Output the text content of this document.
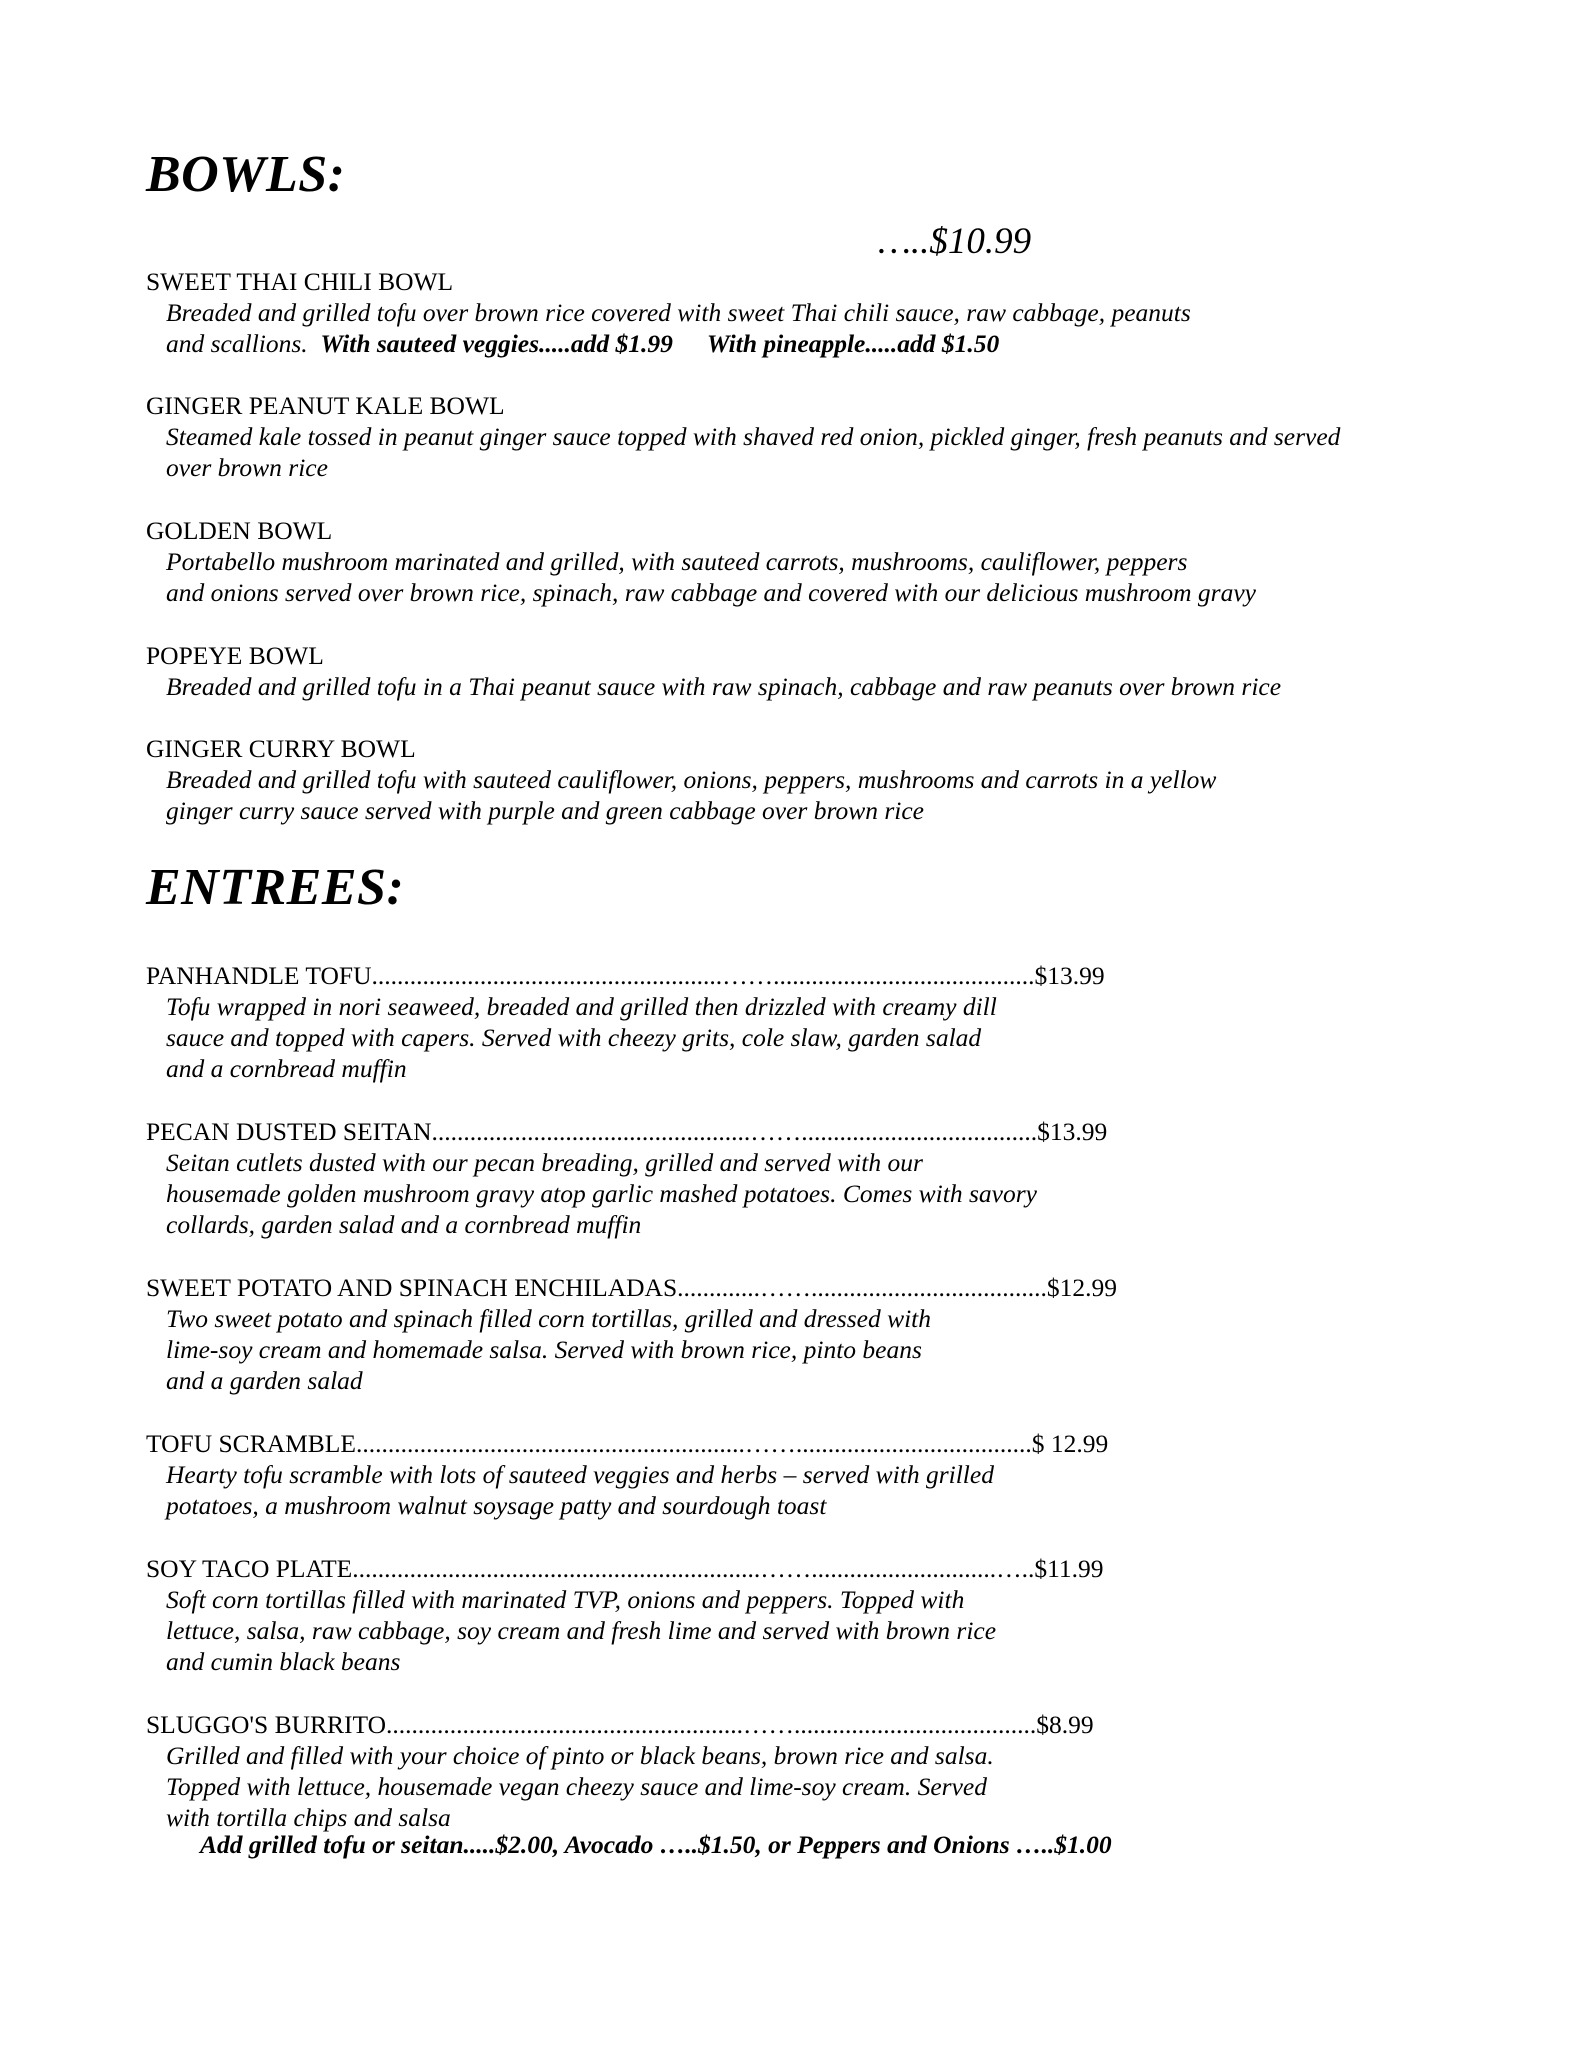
BOWLS:
…..$10.99
SWEET THAI CHILI BOWL
Breaded and grilled tofu over brown rice covered with sweet Thai chili sauce, raw cabbage, peanuts
and scallions. With sauteed veggies.....add $1.99 With pineapple.....add $1.50
GINGER PEANUT KALE BOWL
Steamed kale tossed in peanut ginger sauce topped with shaved red onion, pickled ginger, fresh peanuts and served
over brown rice
GOLDEN BOWL
Portabello mushroom marinated and grilled, with sauteed carrots, mushrooms, cauliflower, peppers
and onions served over brown rice, spinach, raw cabbage and covered with our delicious mushroom gravy
POPEYE BOWL
Breaded and grilled tofu in a Thai peanut sauce with raw spinach, cabbage and raw peanuts over brown rice
GINGER CURRY BOWL
Breaded and grilled tofu with sauteed cauliflower, onions, peppers, mushrooms and carrots in a yellow
ginger curry sauce served with purple and green cabbage over brown rice
ENTREES:
PANHANDLE TOFU.......................................................…….........................................$13.99
Tofu wrapped in nori seaweed, breaded and grilled then drizzled with creamy dill
sauce and topped with capers. Served with cheezy grits, cole slaw, garden salad
and a cornbread muffin
PECAN DUSTED SEITAN..................................................…….....................................$13.99
Seitan cutlets dusted with our pecan breading, grilled and served with our
housemade golden mushroom gravy atop garlic mashed potatoes. Comes with savory
collards, garden salad and a cornbread muffin
SWEET POTATO AND SPINACH ENCHILADAS.............…….....................................$12.99
Two sweet potato and spinach filled corn tortillas, grilled and dressed with
lime-soy cream and homemade salsa. Served with brown rice, pinto beans
and a garden salad
TOFU SCRAMBLE.............................................................…….....................................$ 12.99
Hearty tofu scramble with lots of sauteed veggies and herbs – served with grilled
potatoes, a mushroom walnut soysage patty and sourdough toast
SOY TACO PLATE................................................................…….............................…..$11.99
Soft corn tortillas filled with marinated TVP, onions and peppers. Topped with
lettuce, salsa, raw cabbage, soy cream and fresh lime and served with brown rice
and cumin black beans
SLUGGO'S BURRITO........................................................……......................................$8.99
Grilled and filled with your choice of pinto or black beans, brown rice and salsa.
Topped with lettuce, housemade vegan cheezy sauce and lime-soy cream. Served
with tortilla chips and salsa
Add grilled tofu or seitan.....$2.00, Avocado …..$1.50, or Peppers and Onions …..$1.00
